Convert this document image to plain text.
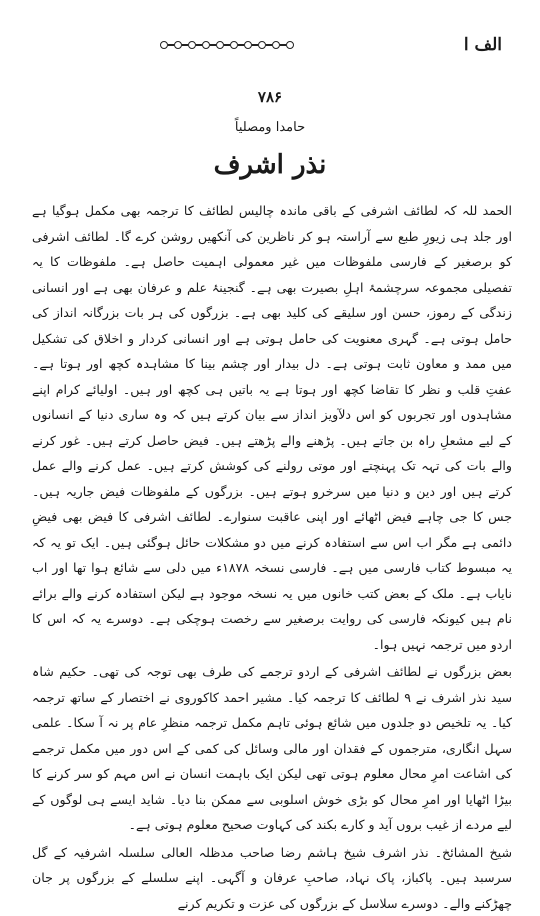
الف ا
۷۸۶
حامدا ومصلیاً
نذر اشرف

الحمد للہ کہ لطائف اشرفی کے باقی ماندہ چالیس لطائف کا ترجمہ بھی مکمل ہوگیا ہے اور جلد ہی زیورِ طبع سے آراستہ ہو کر ناظرین کی آنکھیں روشن کرے گا۔ لطائف اشرفی کو برصغیر کے فارسی ملفوظات میں غیر معمولی اہمیت حاصل ہے۔ ملفوظات کا یہ تفصیلی مجموعہ سرچشمۂ اہلِ بصیرت بھی ہے۔ گنجینۂ علم و عرفان بھی ہے اور انسانی زندگی کے رموز، حسن اور سلیقے کی کلید بھی ہے۔ بزرگوں کی ہر بات بزرگانہ انداز کی حامل ہوتی ہے۔ گہری معنویت کی حامل ہوتی ہے اور انسانی کردار و اخلاق کی تشکیل میں ممد و معاون ثابت ہوتی ہے۔ دل بیدار اور چشم بینا کا مشاہدہ کچھ اور ہوتا ہے۔ عفتِ قلب و نظر کا تقاضا کچھ اور ہوتا ہے یہ باتیں ہی کچھ اور ہیں۔ اولیائے کرام اپنے مشاہدوں اور تجربوں کو اس دلآویز انداز سے بیان کرتے ہیں کہ وہ ساری دنیا کے انسانوں کے لیے مشعلِ راہ بن جاتے ہیں۔ پڑھنے والے پڑھتے ہیں۔ فیض حاصل کرتے ہیں۔ غور کرنے والے بات کی تہہ تک پہنچتے اور موتی رولنے کی کوشش کرتے ہیں۔ عمل کرنے والے عمل کرتے ہیں اور دین و دنیا میں سرخرو ہوتے ہیں۔ بزرگوں کے ملفوظات فیض جاریہ ہیں۔ جس کا جی چاہے فیض اٹھائے اور اپنی عاقبت سنوارے۔ لطائف اشرفی کا فیض بھی فیضِ دائمی ہے مگر اب اس سے استفادہ کرنے میں دو مشکلات حائل ہوگئی ہیں۔ ایک تو یہ کہ یہ مبسوط کتاب فارسی میں ہے۔ فارسی نسخہ ۱۸۷۸ء میں دلی سے شائع ہوا تھا اور اب نایاب ہے۔ ملک کے بعض کتب خانوں میں یہ نسخہ موجود ہے لیکن استفادہ کرنے والے برائے نام ہیں کیونکہ فارسی کی روایت برصغیر سے رخصت ہوچکی ہے۔ دوسرے یہ کہ اس کا اردو میں ترجمہ نہیں ہوا۔

بعض بزرگوں نے لطائف اشرفی کے اردو ترجمے کی طرف بھی توجہ کی تھی۔ حکیم شاہ سید نذر اشرف نے ۹ لطائف کا ترجمہ کیا۔ مشیر احمد کاکوروی نے اختصار کے ساتھ ترجمہ کیا۔ یہ تلخیص دو جلدوں میں شائع ہوئی تاہم مکمل ترجمہ منظرِ عام پر نہ آ سکا۔ علمی سہل انگاری، مترجموں کے فقدان اور مالی وسائل کی کمی کے اس دور میں مکمل ترجمے کی اشاعت امرِ محال معلوم ہوتی تھی لیکن ایک باہمت انسان نے اس مہم کو سر کرنے کا بیڑا اٹھایا اور امرِ محال کو بڑی خوش اسلوبی سے ممکن بنا دیا۔ شاید ایسے ہی لوگوں کے لیے مردے از غیب بروں آید و کارے بکند کی کہاوت صحیح معلوم ہوتی ہے۔

شیخ المشائخ۔ نذر اشرف شیخ ہاشم رضا صاحب مدظلہ العالی سلسلہ اشرفیہ کے گل سرسبد ہیں۔ پاکباز، پاک نہاد، صاحبِ عرفان و آگہی۔ اپنے سلسلے کے بزرگوں پر جان چھڑکنے والے۔ دوسرے سلاسل کے بزرگوں کی عزت و تکریم کرنے
